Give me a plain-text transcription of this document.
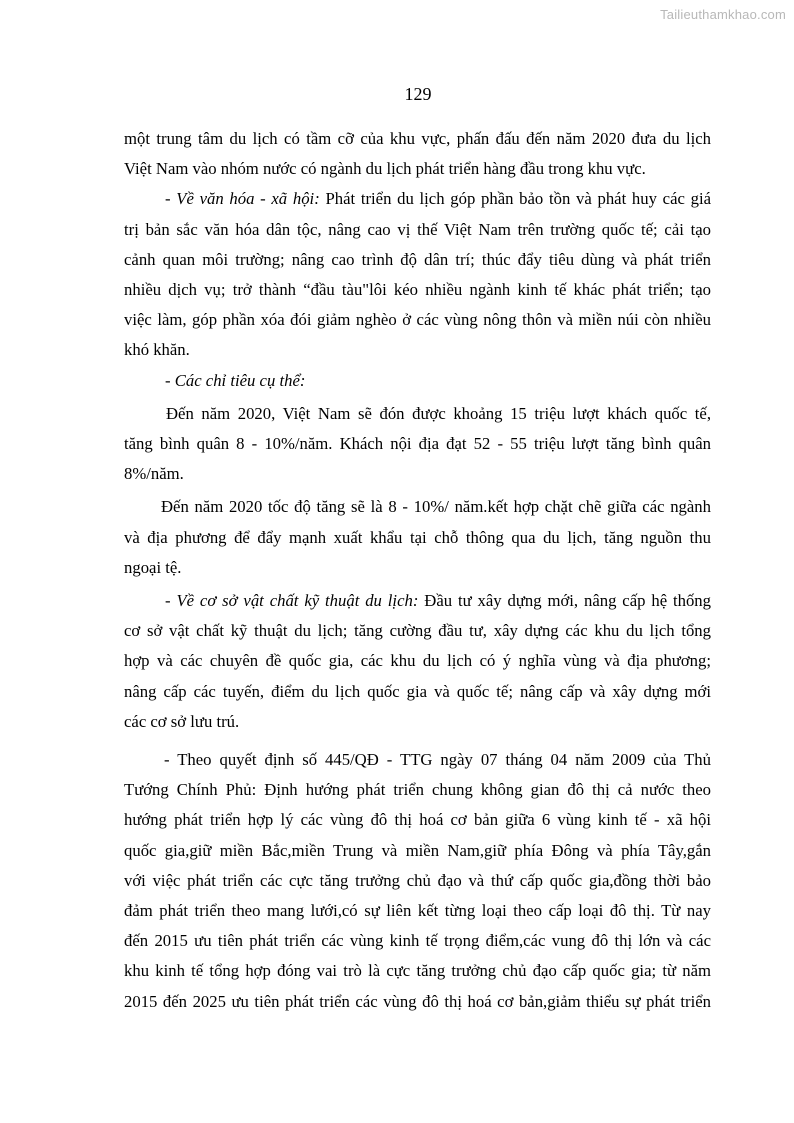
Tailieuthamkhao.com
129

một trung tâm du lịch có tầm cỡ của khu vực, phấn đấu đến năm 2020 đưa du lịch
Việt Nam vào nhóm nước có ngành du lịch phát triển hàng đầu trong khu vực.

- Về văn hóa - xã hội: Phát triển du lịch góp phần bảo tồn và phát huy các giá
trị bản sắc văn hóa dân tộc, nâng cao vị thế Việt Nam trên trường quốc tế; cải tạo
cảnh quan môi trường; nâng cao trình độ dân trí; thúc đẩy tiêu dùng và phát triển
nhiều dịch vụ; trở thành “đầu tàu"lôi kéo nhiều ngành kinh tế khác phát triển; tạo
việc làm, góp phần xóa đói giảm nghèo ở các vùng nông thôn và miền núi còn nhiều
khó khăn.

- Các chỉ tiêu cụ thể:

Đến năm 2020, Việt Nam sẽ đón được khoảng 15 triệu lượt khách quốc tế,
tăng bình quân 8 - 10%/năm. Khách nội địa đạt 52 - 55 triệu lượt tăng bình quân
8%/năm.

Đến năm 2020 tốc độ tăng sẽ là 8 - 10%/ năm.kết hợp chặt chẽ giữa các ngành
và địa phương để đẩy mạnh xuất khẩu tại chỗ thông qua du lịch, tăng nguồn thu
ngoại tệ.

- Về cơ sở vật chất kỹ thuật du lịch: Đầu tư xây dựng mới, nâng cấp hệ thống
cơ sở vật chất kỹ thuật du lịch; tăng cường đầu tư, xây dựng các khu du lịch tổng
hợp và các chuyên đề quốc gia, các khu du lịch có ý nghĩa vùng và địa phương;
nâng cấp các tuyến, điểm du lịch quốc gia và quốc tế; nâng cấp và xây dựng mới
các cơ sở lưu trú.

- Theo quyết định số 445/QĐ - TTG ngày 07 tháng 04 năm 2009 của Thủ
Tướng Chính Phủ: Định hướng phát triển chung không gian đô thị cả nước theo
hướng phát triển hợp lý các vùng đô thị hoá cơ bản giữa 6 vùng kinh tế - xã hội
quốc gia,giữ miền Bắc,miền Trung và miền Nam,giữ phía Đông và phía Tây,gắn
với việc phát triển các cực tăng trưởng chủ đạo và thứ cấp quốc gia,đồng thời bảo
đảm phát triển theo mang lưới,có sự liên kết từng loại theo cấp loại đô thị. Từ nay
đến 2015 ưu tiên phát triển các vùng kinh tế trọng điểm,các vung đô thị lớn và các
khu kinh tế tổng hợp đóng vai trò là cực tăng trưởng chủ đạo cấp quốc gia; từ năm
2015 đến 2025 ưu tiên phát triển các vùng đô thị hoá cơ bản,giảm thiểu sự phát triển
